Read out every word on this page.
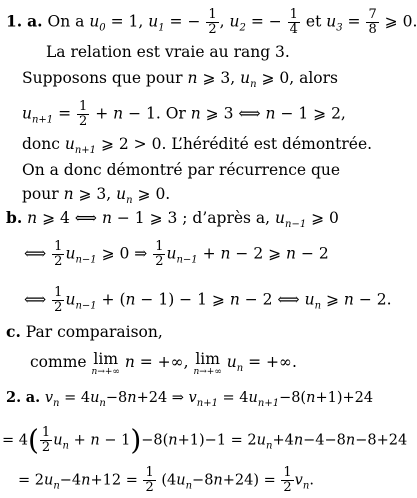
1. a. On a $u_0 = 1$, $u_1$ = − $\frac{1}{2}$ , $u_2$ = − $\frac{1}{4}$ et $u_3 = \frac{7}{8}$ ⩾ 0.
La relation est vraie au rang 3.
Supposons que pour n ⩾ 3, $u_n$ ⩾ 0, alors
$u_{n+1} = \frac{1}{2} + n - 1$. Or n ⩾ 3 ⟺ n − 1 ⩾ 2,
donc $u_{n+1}$ ⩾ 2 > 0. L’hérédité est démontrée.
On a donc démontré par récurrence que
pour n ⩾ 3, $u_n$ ⩾ 0.
b. n ⩾ 4 ⟺ n − 1 ⩾ 3 ; d’après a, $u_{n-1}$ ⩾ 0
⟺ $\frac{1}{2} u_{n-1}$ ⩾ 0 ⇒ $\frac{1}{2} u_{n-1} + n - 2$ ⩾ n − 2
⟺ $\frac{1}{2} u_{n-1} + (n - 1) - 1$ ⩾ n − 2 ⟺ $u_n$ ⩾ n − 2.
c. Par comparaison,
comme lim
n→+∞
n = +∞, lim
n→+∞
$u_n$ = +∞.
2. a. $v_n = 4u_n-8n+24$ ⇒ $v_{n+1} = 4u_{n+1}-8(n+1)+24$
= $4( \frac{1}{2} u_n + n - 1)-8(n+1)-1 = 2u_n+4n-4-8n-8+24$
= $2u_n-4n+12 = \frac{1}{2} (4u_n-8n+24) = \frac{1}{2} v_n$.
